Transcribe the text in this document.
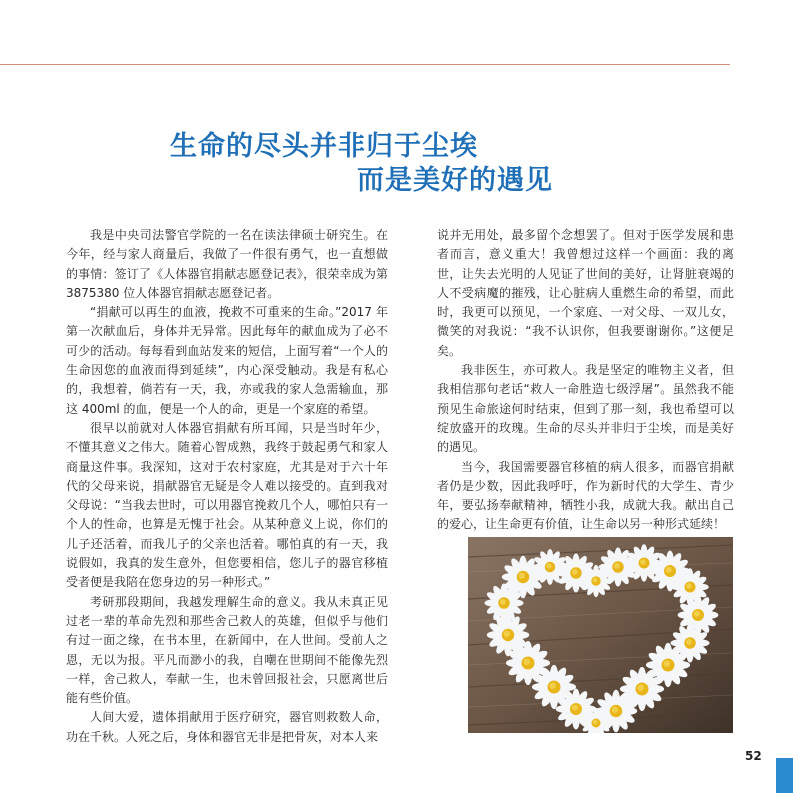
生命的尽头并非归于尘埃
而是美好的遇见

我是中央司法警官学院的一名在读法律硕士研究生。在今年，经与家人商量后，我做了一件很有勇气，也一直想做的事情：签订了《人体器官捐献志愿登记表》，很荣幸成为第 3875380 位人体器官捐献志愿登记者。

“捐献可以再生的血液，挽救不可重来的生命。”2017 年第一次献血后，身体并无异常。因此每年的献血成为了必不可少的活动。每每看到血站发来的短信，上面写着“一个人的生命因您的血液而得到延续”，内心深受触动。我是有私心的，我想着，倘若有一天，我，亦或我的家人急需输血，那这 400ml 的血，便是一个人的命，更是一个家庭的希望。

很早以前就对人体器官捐献有所耳闻，只是当时年少，不懂其意义之伟大。随着心智成熟，我终于鼓起勇气和家人商量这件事。我深知，这对于农村家庭，尤其是对于六十年代的父母来说，捐献器官无疑是令人难以接受的。直到我对父母说：“当我去世时，可以用器官挽救几个人，哪怕只有一个人的性命，也算是无愧于社会。从某种意义上说，你们的儿子还活着，而我儿子的父亲也活着。哪怕真的有一天，我说假如，我真的发生意外，但您要相信，您儿子的器官移植受者便是我陪在您身边的另一种形式。”

考研那段期间，我越发理解生命的意义。我从未真正见过老一辈的革命先烈和那些舍己救人的英雄，但似乎与他们有过一面之缘，在书本里，在新闻中，在人世间。受前人之恩，无以为报。平凡而渺小的我，自嘲在世期间不能像先烈一样，舍己救人，奉献一生，也未曾回报社会，只愿离世后能有些价值。

人间大爱，遗体捐献用于医疗研究，器官则救数人命，功在千秋。人死之后，身体和器官无非是把骨灰，对本人来

说并无用处，最多留个念想罢了。但对于医学发展和患者而言，意义重大！我曾想过这样一个画面：我的离世，让失去光明的人见证了世间的美好，让肾脏衰竭的人不受病魔的摧残，让心脏病人重燃生命的希望，而此时，我更可以预见，一个家庭、一对父母、一双儿女，微笑的对我说：“我不认识你，但我要谢谢你。”这便足矣。

我非医生，亦可救人。我是坚定的唯物主义者，但我相信那句老话“救人一命胜造七级浮屠”。虽然我不能预见生命旅途何时结束，但到了那一刻，我也希望可以绽放盛开的玫瑰。生命的尽头并非归于尘埃，而是美好的遇见。

当今，我国需要器官移植的病人很多，而器官捐献者仍是少数，因此我呼吁，作为新时代的大学生、青少年，要弘扬奉献精神，牺牲小我，成就大我。献出自己的爱心，让生命更有价值，让生命以另一种形式延续！

52
